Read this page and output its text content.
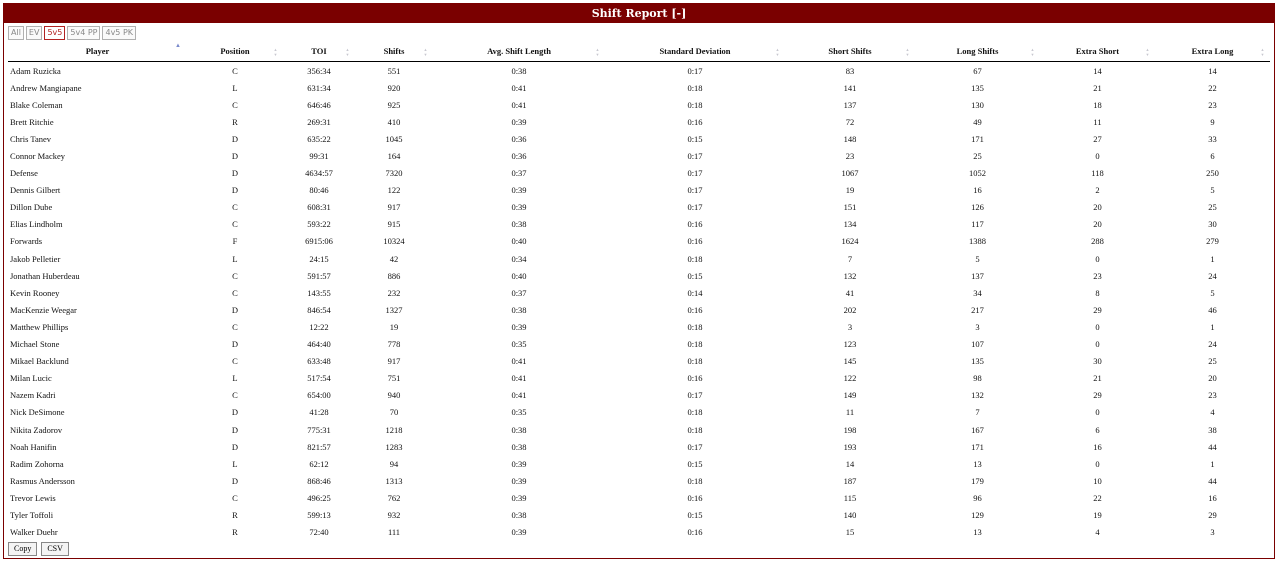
Shift Report [-]
All	EV	5v5	5v4 PP	4v5 PK
Player ▲	Position ▲▼	TOI ▲▼	Shifts ▲▼	Avg. Shift Length ▲▼	Standard Deviation ▲▼	Short Shifts ▲▼	Long Shifts ▲▼	Extra Short ▲▼	Extra Long ▲▼

Adam Ruzicka	C	356:34	551	0:38	0:17	83	67	14	14
Andrew Mangiapane	L	631:34	920	0:41	0:18	141	135	21	22
Blake Coleman	C	646:46	925	0:41	0:18	137	130	18	23
Brett Ritchie	R	269:31	410	0:39	0:16	72	49	11	9
Chris Tanev	D	635:22	1045	0:36	0:15	148	171	27	33
Connor Mackey	D	99:31	164	0:36	0:17	23	25	0	6
Defense	D	4634:57	7320	0:37	0:17	1067	1052	118	250
Dennis Gilbert	D	80:46	122	0:39	0:17	19	16	2	5
Dillon Dube	C	608:31	917	0:39	0:17	151	126	20	25
Elias Lindholm	C	593:22	915	0:38	0:16	134	117	20	30
Forwards	F	6915:06	10324	0:40	0:16	1624	1388	288	279
Jakob Pelletier	L	24:15	42	0:34	0:18	7	5	0	1
Jonathan Huberdeau	C	591:57	886	0:40	0:15	132	137	23	24
Kevin Rooney	C	143:55	232	0:37	0:14	41	34	8	5
MacKenzie Weegar	D	846:54	1327	0:38	0:16	202	217	29	46
Matthew Phillips	C	12:22	19	0:39	0:18	3	3	0	1
Michael Stone	D	464:40	778	0:35	0:18	123	107	0	24
Mikael Backlund	C	633:48	917	0:41	0:18	145	135	30	25
Milan Lucic	L	517:54	751	0:41	0:16	122	98	21	20
Nazem Kadri	C	654:00	940	0:41	0:17	149	132	29	23
Nick DeSimone	D	41:28	70	0:35	0:18	11	7	0	4
Nikita Zadorov	D	775:31	1218	0:38	0:18	198	167	6	38
Noah Hanifin	D	821:57	1283	0:38	0:17	193	171	16	44
Radim Zohorna	L	62:12	94	0:39	0:15	14	13	0	1
Rasmus Andersson	D	868:46	1313	0:39	0:18	187	179	10	44
Trevor Lewis	C	496:25	762	0:39	0:16	115	96	22	16
Tyler Toffoli	R	599:13	932	0:38	0:15	140	129	19	29
Walker Duehr	R	72:40	111	0:39	0:16	15	13	4	3
Copy	CSV
